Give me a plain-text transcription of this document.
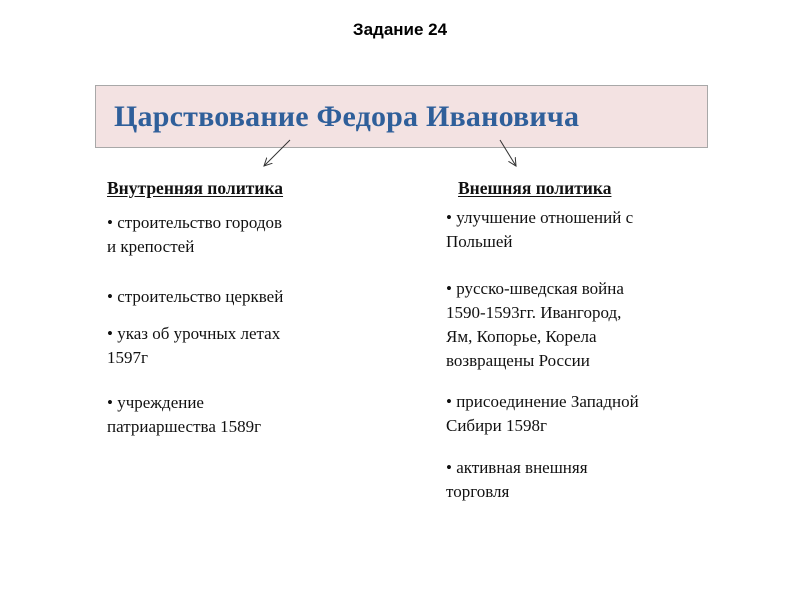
Задание 24
Царствование Федора Ивановича
Внутренняя политика	Внешняя политика
• строительство городов
и крепостей
• строительство церквей
• указ об урочных летах
1597г
• учреждение
патриаршества 1589г
• улучшение отношений с
Польшей
• русско-шведская война
1590-1593гг. Ивангород,
Ям, Копорье, Корела
возвращены России
• присоединение Западной
Сибири 1598г
• активная внешняя
торговля
